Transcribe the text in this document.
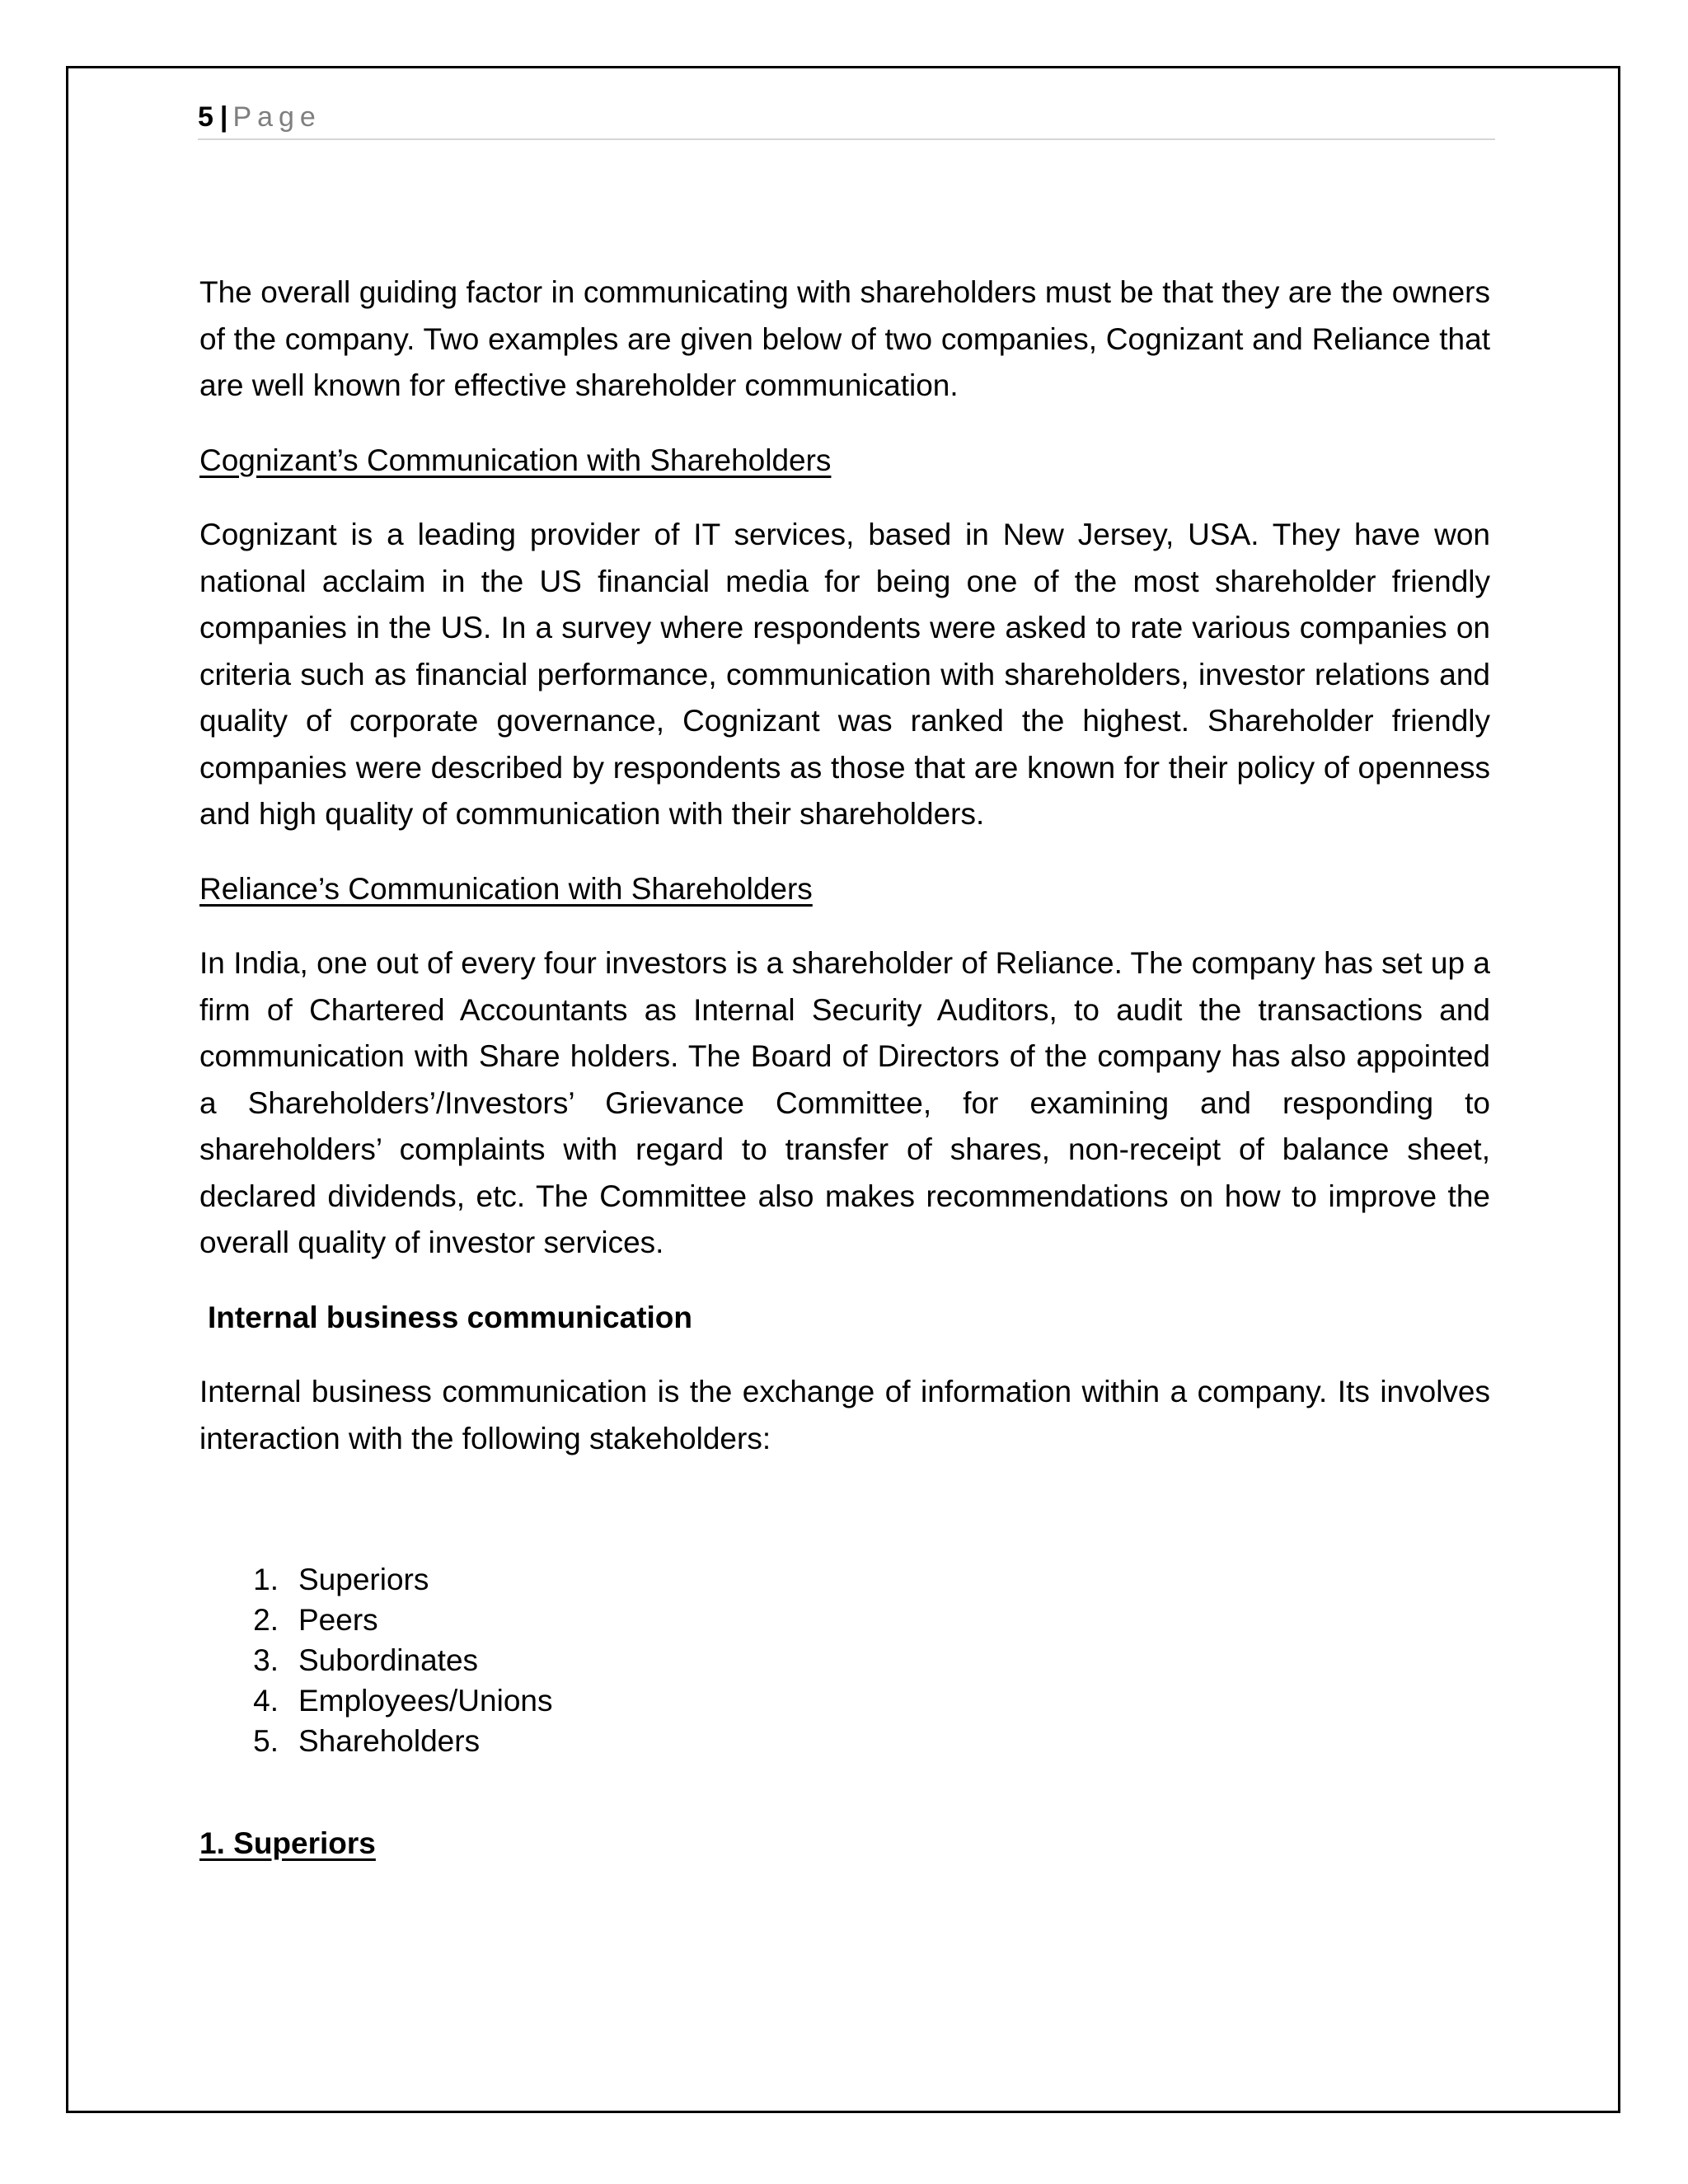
5 | Page

The overall guiding factor in communicating with shareholders must be that they are the owners of the company. Two examples are given below of two companies, Cognizant and Reliance that are well known for effective shareholder communication.

Cognizant’s Communication with Shareholders

Cognizant is a leading provider of IT services, based in New Jersey, USA. They have won national acclaim in the US financial media for being one of the most shareholder friendly companies in the US. In a survey where respondents were asked to rate various companies on criteria such as financial performance, communication with shareholders, investor relations and quality of corporate governance, Cognizant was ranked the highest. Shareholder friendly companies were described by respondents as those that are known for their policy of openness and high quality of communication with their shareholders.

Reliance’s Communication with Shareholders

In India, one out of every four investors is a shareholder of Reliance. The company has set up a firm of Chartered Accountants as Internal Security Auditors, to audit the transactions and communication with Share holders. The Board of Directors of the company has also appointed a Shareholders’/Investors’ Grievance Committee, for examining and responding to shareholders’ complaints with regard to transfer of shares, non-receipt of balance sheet, declared dividends, etc. The Committee also makes recommendations on how to improve the overall quality of investor services.

Internal business communication

Internal business communication is the exchange of information within a company. Its involves interaction with the following stakeholders:

1. Superiors
2. Peers
3. Subordinates
4. Employees/Unions
5. Shareholders

1. Superiors
